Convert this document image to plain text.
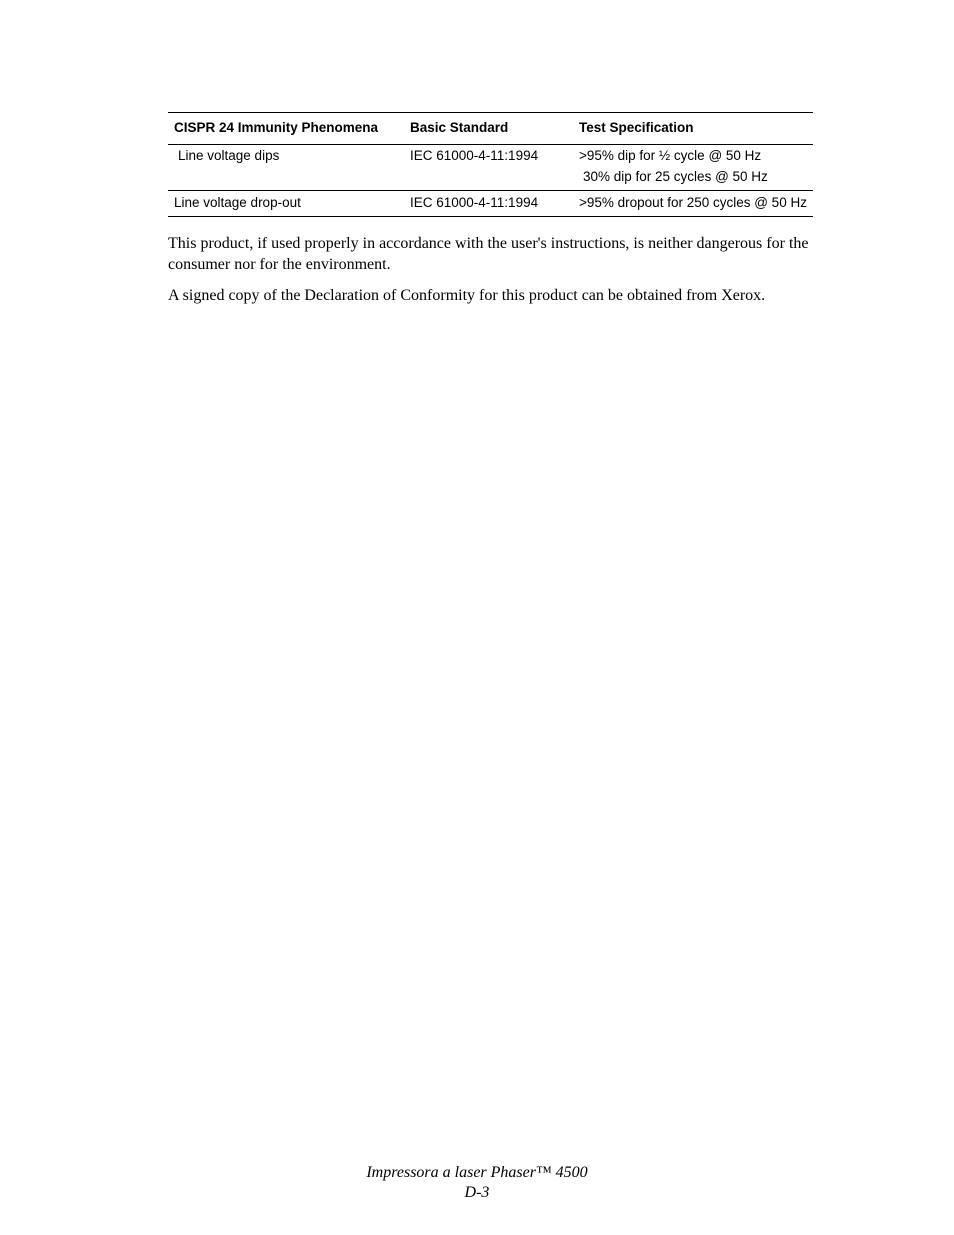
CISPR 24 Immunity Phenomena	Basic Standard	Test Specification

Line voltage dips	IEC 61000-4-11:1994	>95% dip for ½ cycle @ 50 Hz
30% dip for 25 cycles @ 50 Hz

Line voltage drop-out	IEC 61000-4-11:1994	>95% dropout for 250 cycles @ 50 Hz

This product, if used properly in accordance with the user's instructions, is neither dangerous for the consumer nor for the environment.

A signed copy of the Declaration of Conformity for this product can be obtained from Xerox.

Impressora a laser Phaser™ 4500
D-3
